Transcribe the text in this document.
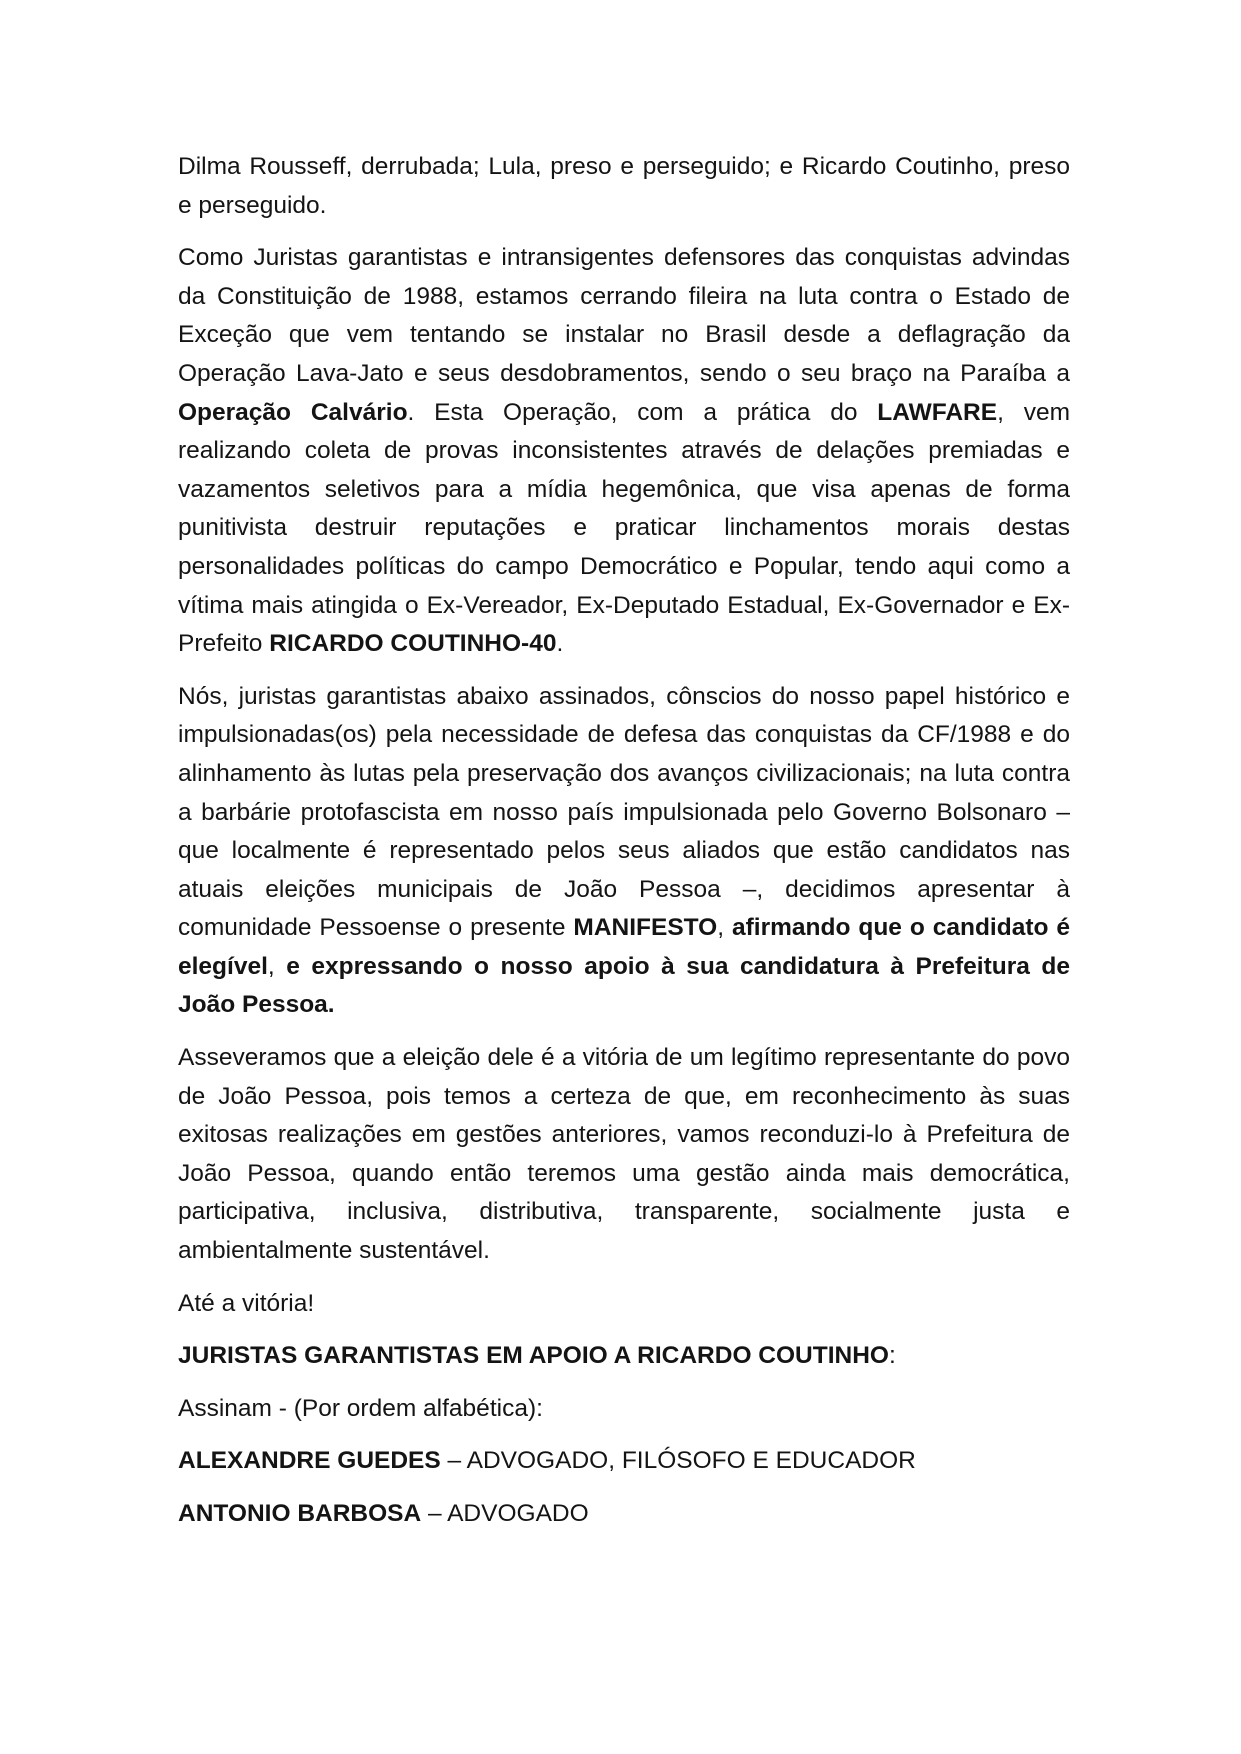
Dilma Rousseff, derrubada; Lula, preso e perseguido; e Ricardo Coutinho, preso e perseguido.

Como Juristas garantistas e intransigentes defensores das conquistas advindas da Constituição de 1988, estamos cerrando fileira na luta contra o Estado de Exceção que vem tentando se instalar no Brasil desde a deflagração da Operação Lava-Jato e seus desdobramentos, sendo o seu braço na Paraíba a Operação Calvário. Esta Operação, com a prática do LAWFARE, vem realizando coleta de provas inconsistentes através de delações premiadas e vazamentos seletivos para a mídia hegemônica, que visa apenas de forma punitivista destruir reputações e praticar linchamentos morais destas personalidades políticas do campo Democrático e Popular, tendo aqui como a vítima mais atingida o Ex-Vereador, Ex-Deputado Estadual, Ex-Governador e Ex-Prefeito RICARDO COUTINHO-40.

Nós, juristas garantistas abaixo assinados, cônscios do nosso papel histórico e impulsionadas(os) pela necessidade de defesa das conquistas da CF/1988 e do alinhamento às lutas pela preservação dos avanços civilizacionais; na luta contra a barbárie protofascista em nosso país impulsionada pelo Governo Bolsonaro – que localmente é representado pelos seus aliados que estão candidatos nas atuais eleições municipais de João Pessoa –, decidimos apresentar à comunidade Pessoense o presente MANIFESTO, afirmando que o candidato é elegível, e expressando o nosso apoio à sua candidatura à Prefeitura de João Pessoa.

Asseveramos que a eleição dele é a vitória de um legítimo representante do povo de João Pessoa, pois temos a certeza de que, em reconhecimento às suas exitosas realizações em gestões anteriores, vamos reconduzi-lo à Prefeitura de João Pessoa, quando então teremos uma gestão ainda mais democrática, participativa, inclusiva, distributiva, transparente, socialmente justa e ambientalmente sustentável.

Até a vitória!

JURISTAS GARANTISTAS EM APOIO A RICARDO COUTINHO:

Assinam - (Por ordem alfabética):

ALEXANDRE GUEDES – ADVOGADO, FILÓSOFO E EDUCADOR

ANTONIO BARBOSA – ADVOGADO
